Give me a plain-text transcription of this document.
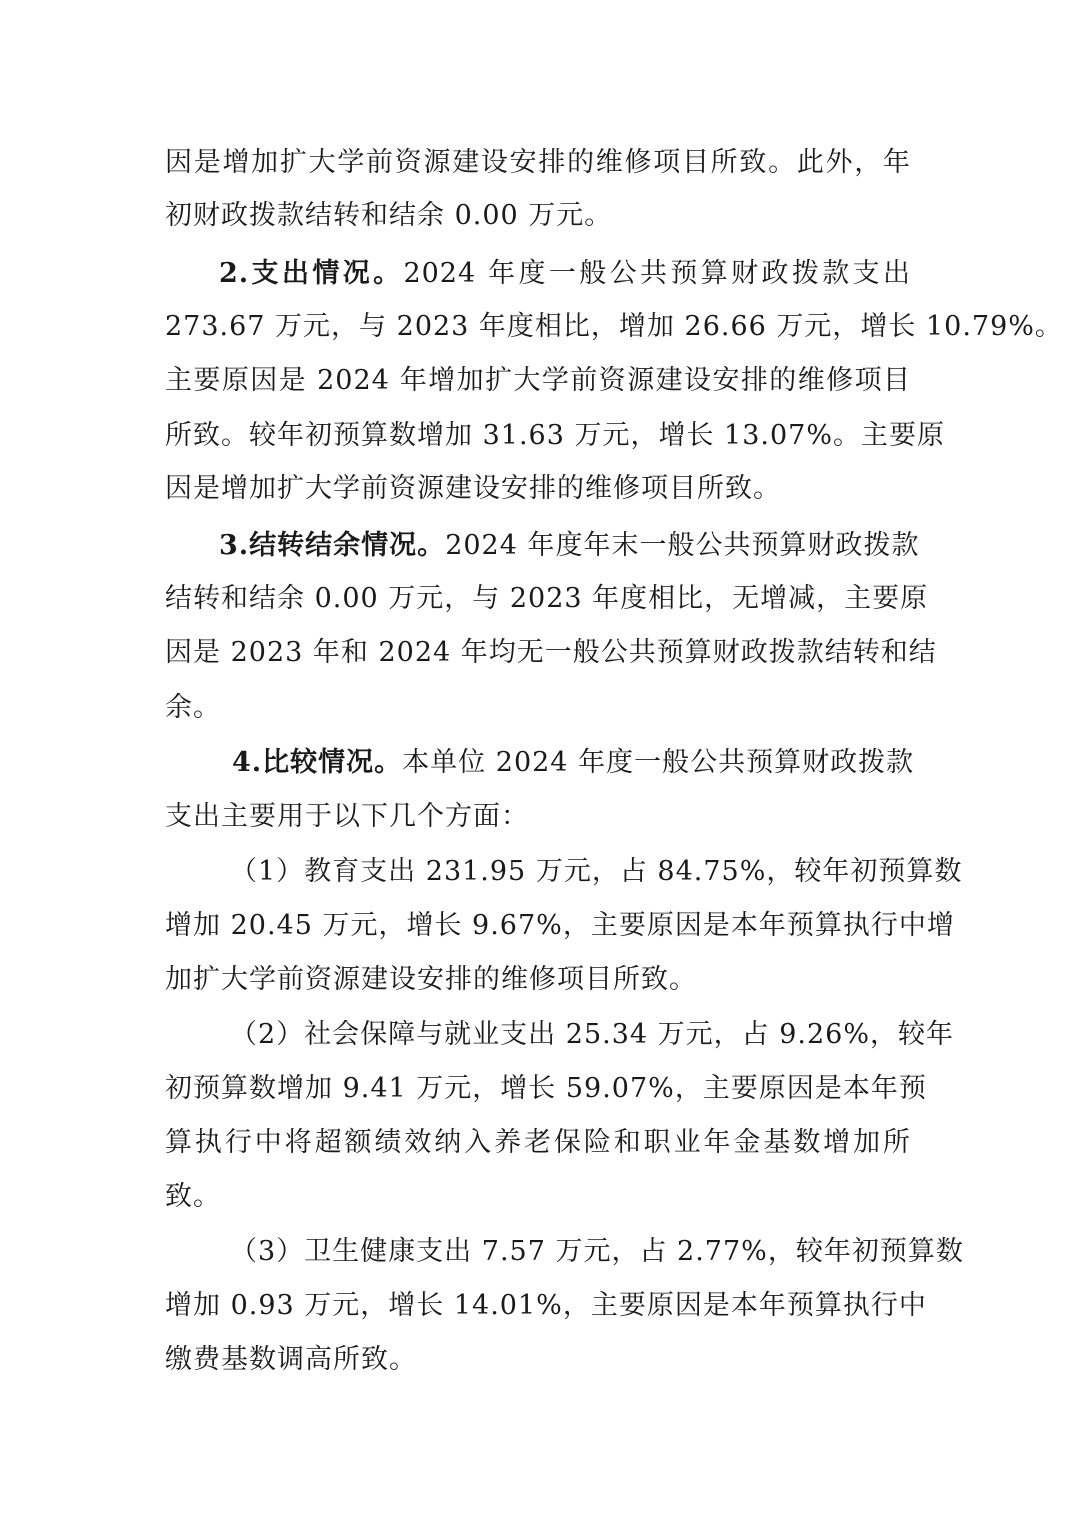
因是增加扩大学前资源建设安排的维修项目所致。此外，年
初财政拨款结转和结余 0.00 万元。
2.支出情况。2024 年度一般公共预算财政拨款支出
273.67 万元，与 2023 年度相比，增加 26.66 万元，增长 10.79%。
主要原因是 2024 年增加扩大学前资源建设安排的维修项目
所致。较年初预算数增加 31.63 万元，增长 13.07%。主要原
因是增加扩大学前资源建设安排的维修项目所致。
3.结转结余情况。2024 年度年末一般公共预算财政拨款
结转和结余 0.00 万元，与 2023 年度相比，无增减，主要原
因是 2023 年和 2024 年均无一般公共预算财政拨款结转和结
余。
4.比较情况。本单位 2024 年度一般公共预算财政拨款
支出主要用于以下几个方面：
（1）教育支出 231.95 万元，占 84.75%，较年初预算数
增加 20.45 万元，增长 9.67%，主要原因是本年预算执行中增
加扩大学前资源建设安排的维修项目所致。
（2）社会保障与就业支出 25.34 万元，占 9.26%，较年
初预算数增加 9.41 万元，增长 59.07%，主要原因是本年预
算执行中将超额绩效纳入养老保险和职业年金基数增加所
致。
（3）卫生健康支出 7.57 万元，占 2.77%，较年初预算数
增加 0.93 万元，增长 14.01%，主要原因是本年预算执行中
缴费基数调高所致。
